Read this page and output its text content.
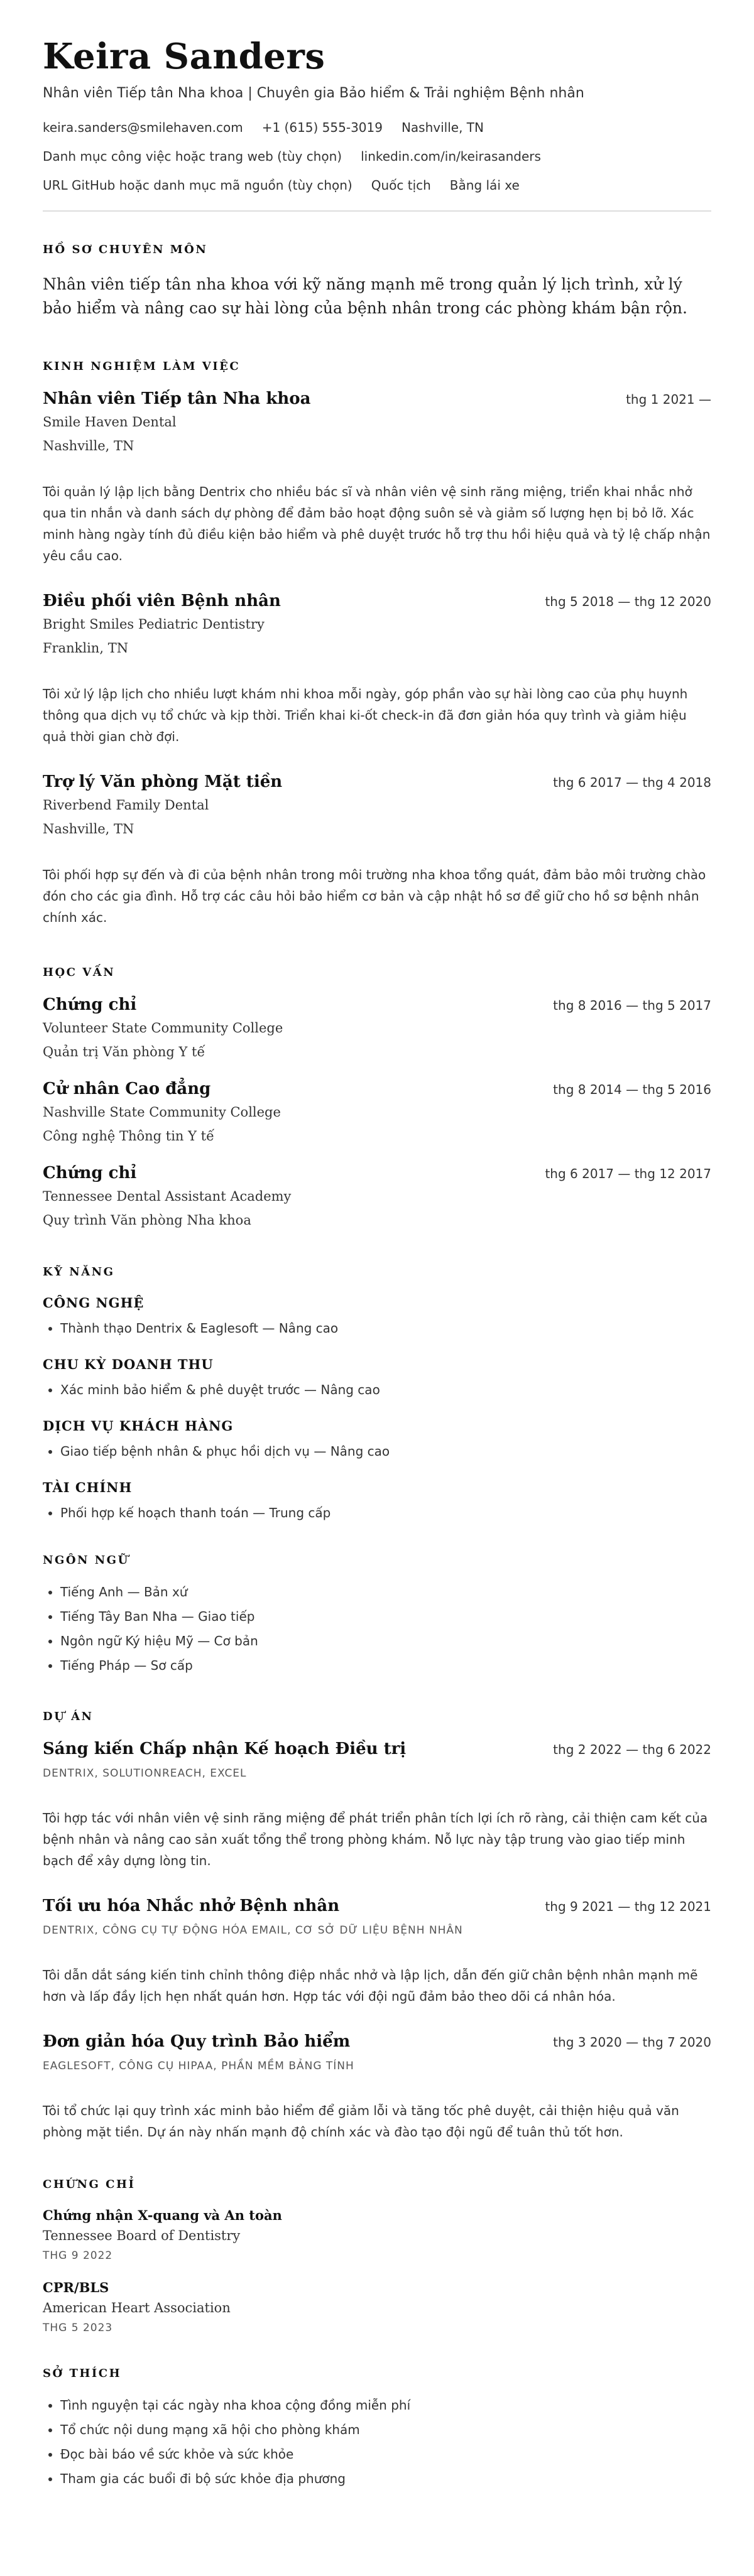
Keira Sanders
Nhân viên Tiếp tân Nha khoa | Chuyên gia Bảo hiểm & Trải nghiệm Bệnh nhân
keira.sanders@smilehaven.com +1 (615) 555-3019 Nashville, TN
Danh mục công việc hoặc trang web (tùy chọn) linkedin.com/in/keirasanders
URL GitHub hoặc danh mục mã nguồn (tùy chọn) Quốc tịch Bằng lái xe
HỒ SƠ CHUYÊN MÔN
Nhân viên tiếp tân nha khoa với kỹ năng mạnh mẽ trong quản lý lịch trình, xử lý bảo hiểm và nâng cao sự hài lòng của bệnh nhân trong các phòng khám bận rộn.
KINH NGHIỆM LÀM VIỆC
Nhân viên Tiếp tân Nha khoa	thg 1 2021 —
Smile Haven Dental
Nashville, TN
Tôi quản lý lập lịch bằng Dentrix cho nhiều bác sĩ và nhân viên vệ sinh răng miệng, triển khai nhắc nhở qua tin nhắn và danh sách dự phòng để đảm bảo hoạt động suôn sẻ và giảm số lượng hẹn bị bỏ lỡ. Xác minh hàng ngày tính đủ điều kiện bảo hiểm và phê duyệt trước hỗ trợ thu hồi hiệu quả và tỷ lệ chấp nhận yêu cầu cao.
Điều phối viên Bệnh nhân	thg 5 2018 — thg 12 2020
Bright Smiles Pediatric Dentistry
Franklin, TN
Tôi xử lý lập lịch cho nhiều lượt khám nhi khoa mỗi ngày, góp phần vào sự hài lòng cao của phụ huynh thông qua dịch vụ tổ chức và kịp thời. Triển khai ki-ốt check-in đã đơn giản hóa quy trình và giảm hiệu quả thời gian chờ đợi.
Trợ lý Văn phòng Mặt tiền	thg 6 2017 — thg 4 2018
Riverbend Family Dental
Nashville, TN
Tôi phối hợp sự đến và đi của bệnh nhân trong môi trường nha khoa tổng quát, đảm bảo môi trường chào đón cho các gia đình. Hỗ trợ các câu hỏi bảo hiểm cơ bản và cập nhật hồ sơ để giữ cho hồ sơ bệnh nhân chính xác.
HỌC VẤN
Chứng chỉ	thg 8 2016 — thg 5 2017
Volunteer State Community College
Quản trị Văn phòng Y tế
Cử nhân Cao đẳng	thg 8 2014 — thg 5 2016
Nashville State Community College
Công nghệ Thông tin Y tế
Chứng chỉ	thg 6 2017 — thg 12 2017
Tennessee Dental Assistant Academy
Quy trình Văn phòng Nha khoa
KỸ NĂNG
CÔNG NGHỆ
• Thành thạo Dentrix & Eaglesoft — Nâng cao
CHU KỲ DOANH THU
• Xác minh bảo hiểm & phê duyệt trước — Nâng cao
DỊCH VỤ KHÁCH HÀNG
• Giao tiếp bệnh nhân & phục hồi dịch vụ — Nâng cao
TÀI CHÍNH
• Phối hợp kế hoạch thanh toán — Trung cấp
NGÔN NGỮ
• Tiếng Anh — Bản xứ
• Tiếng Tây Ban Nha — Giao tiếp
• Ngôn ngữ Ký hiệu Mỹ — Cơ bản
• Tiếng Pháp — Sơ cấp
DỰ ÁN
Sáng kiến Chấp nhận Kế hoạch Điều trị	thg 2 2022 — thg 6 2022
DENTRIX, SOLUTIONREACH, EXCEL
Tôi hợp tác với nhân viên vệ sinh răng miệng để phát triển phân tích lợi ích rõ ràng, cải thiện cam kết của bệnh nhân và nâng cao sản xuất tổng thể trong phòng khám. Nỗ lực này tập trung vào giao tiếp minh bạch để xây dựng lòng tin.
Tối ưu hóa Nhắc nhở Bệnh nhân	thg 9 2021 — thg 12 2021
DENTRIX, CÔNG CỤ TỰ ĐỘNG HÓA EMAIL, CƠ SỞ DỮ LIỆU BỆNH NHÂN
Tôi dẫn dắt sáng kiến tinh chỉnh thông điệp nhắc nhở và lập lịch, dẫn đến giữ chân bệnh nhân mạnh mẽ hơn và lấp đầy lịch hẹn nhất quán hơn. Hợp tác với đội ngũ đảm bảo theo dõi cá nhân hóa.
Đơn giản hóa Quy trình Bảo hiểm	thg 3 2020 — thg 7 2020
EAGLESOFT, CÔNG CỤ HIPAA, PHẦN MỀM BẢNG TÍNH
Tôi tổ chức lại quy trình xác minh bảo hiểm để giảm lỗi và tăng tốc phê duyệt, cải thiện hiệu quả văn phòng mặt tiền. Dự án này nhấn mạnh độ chính xác và đào tạo đội ngũ để tuân thủ tốt hơn.
CHỨNG CHỈ
Chứng nhận X-quang và An toàn
Tennessee Board of Dentistry
THG 9 2022
CPR/BLS
American Heart Association
THG 5 2023
SỞ THÍCH
• Tình nguyện tại các ngày nha khoa cộng đồng miễn phí
• Tổ chức nội dung mạng xã hội cho phòng khám
• Đọc bài báo về sức khỏe và sức khỏe
• Tham gia các buổi đi bộ sức khỏe địa phương
